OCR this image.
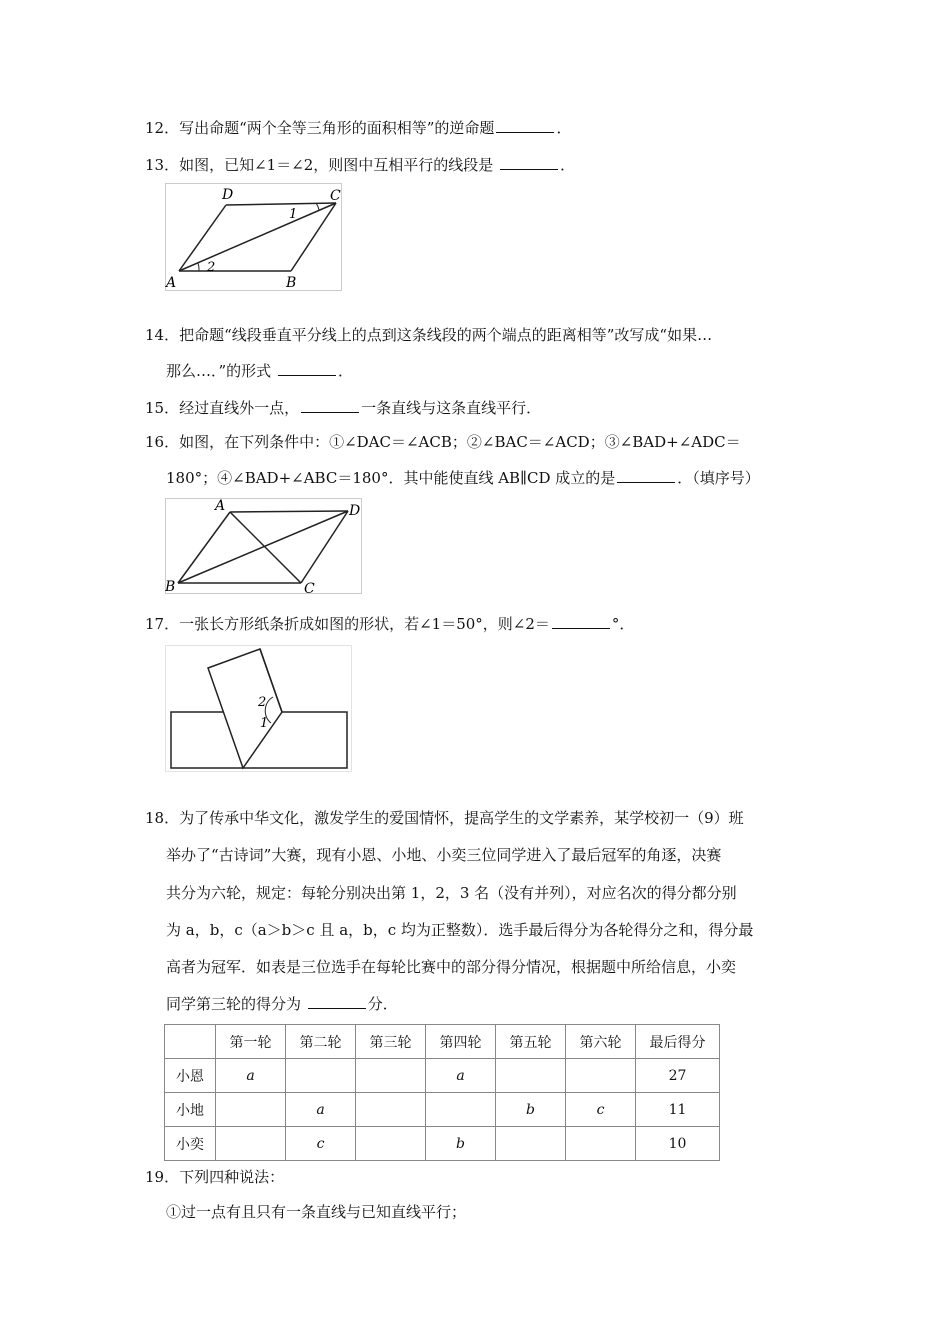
12．写出命题“两个全等三角形的面积相等”的逆命题	．
13．如图，已知∠1＝∠2，则图中互相平行的线段是	．
D	C
A	B
1
2
14．把命题“线段垂直平分线上的点到这条线段的两个端点的距离相等”改写成“如果…
那么…．”的形式	．
15．经过直线外一点，	一条直线与这条直线平行．
16．如图，在下列条件中：①∠DAC＝∠ACB；②∠BAC＝∠ACD；③∠BAD+∠ADC＝
180°；④∠BAD+∠ABC＝180°．其中能使直线 AB∥CD 成立的是	．（填序号）
A	D
B	C
17．一张长方形纸条折成如图的形状，若∠1＝50°，则∠2＝	°．
2
1
18．为了传承中华文化，激发学生的爱国情怀，提高学生的文学素养，某学校初一（9）班
举办了“古诗词”大赛，现有小恩、小地、小奕三位同学进入了最后冠军的角逐，决赛
共分为六轮，规定：每轮分别决出第 1，2，3 名（没有并列），对应名次的得分都分别
为 a，b，c（a＞b＞c 且 a，b，c 均为正整数）．选手最后得分为各轮得分之和，得分最
高者为冠军．如表是三位选手在每轮比赛中的部分得分情况，根据题中所给信息，小奕
同学第三轮的得分为	分．
	第一轮	第二轮	第三轮	第四轮	第五轮	第六轮	最后得分
小恩	a			a			27
小地		a			b	c	11
小奕		c		b			10
19．下列四种说法：
①过一点有且只有一条直线与已知直线平行；
